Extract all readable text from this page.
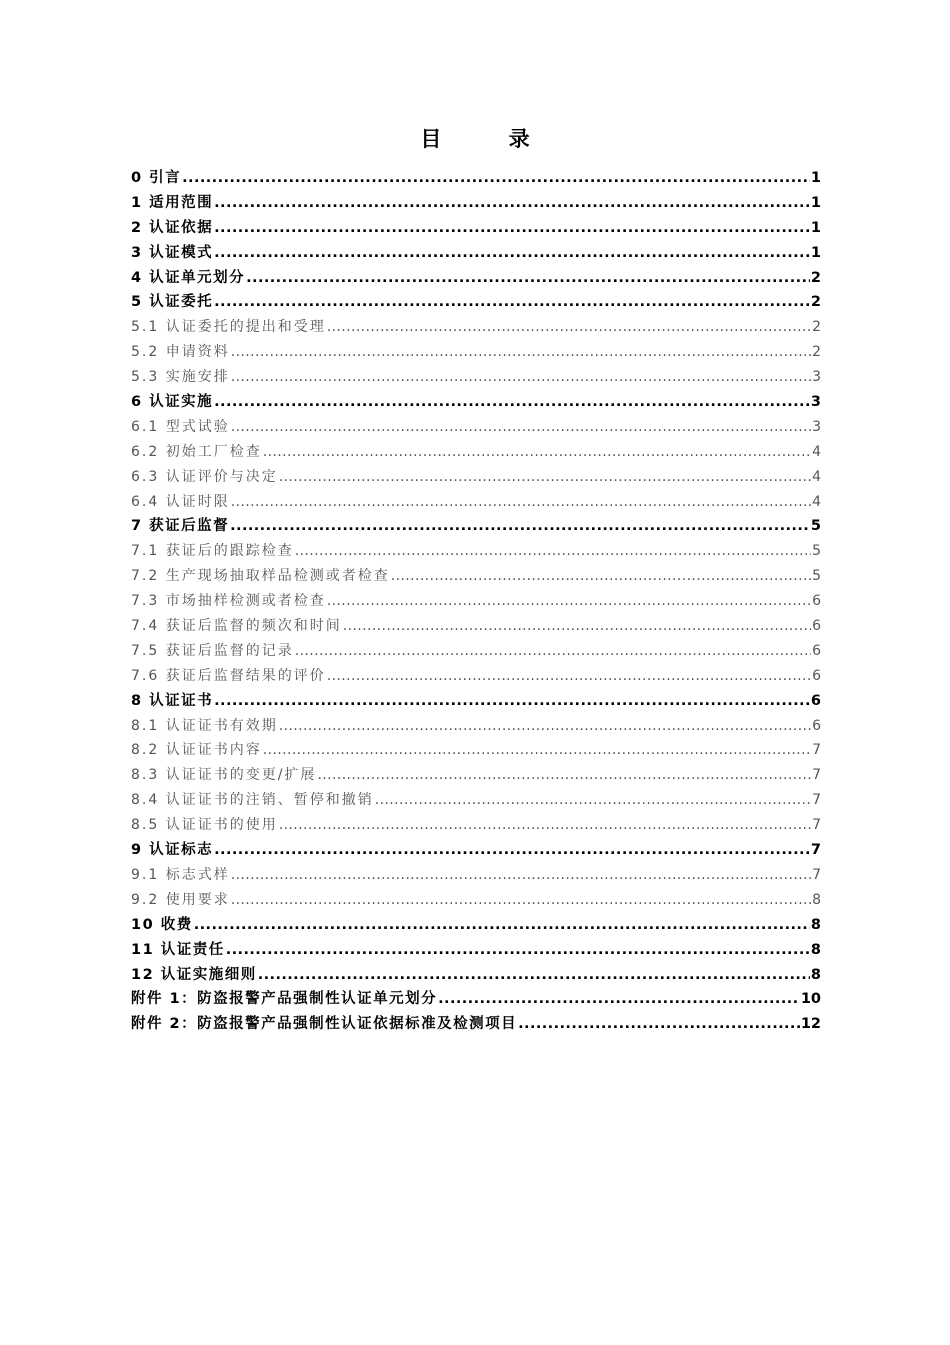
目 录
0 引言 .....	1
1 适用范围 .....	1
2 认证依据 .....	1
3 认证模式 .....	1
4 认证单元划分 .....	2
5 认证委托 .....	2
5.1 认证委托的提出和受理 .....	2
5.2 申请资料 .....	2
5.3 实施安排 .....	3
6 认证实施 .....	3
6.1 型式试验 .....	3
6.2 初始工厂检查 .....	4
6.3 认证评价与决定 .....	4
6.4 认证时限 .....	4
7 获证后监督 .....	5
7.1 获证后的跟踪检查 .....	5
7.2 生产现场抽取样品检测或者检查 .....	5
7.3 市场抽样检测或者检查 .....	6
7.4 获证后监督的频次和时间 .....	6
7.5 获证后监督的记录 .....	6
7.6 获证后监督结果的评价 .....	6
8 认证证书 .....	6
8.1 认证证书有效期 .....	6
8.2 认证证书内容 .....	7
8.3 认证证书的变更/扩展 .....	7
8.4 认证证书的注销、暂停和撤销 .....	7
8.5 认证证书的使用 .....	7
9 认证标志 .....	7
9.1 标志式样 .....	7
9.2 使用要求 .....	8
10 收费 .....	8
11 认证责任 .....	8
12 认证实施细则 .....	8
附件 1：防盗报警产品强制性认证单元划分 .....	10
附件 2：防盗报警产品强制性认证依据标准及检测项目 .....	12
